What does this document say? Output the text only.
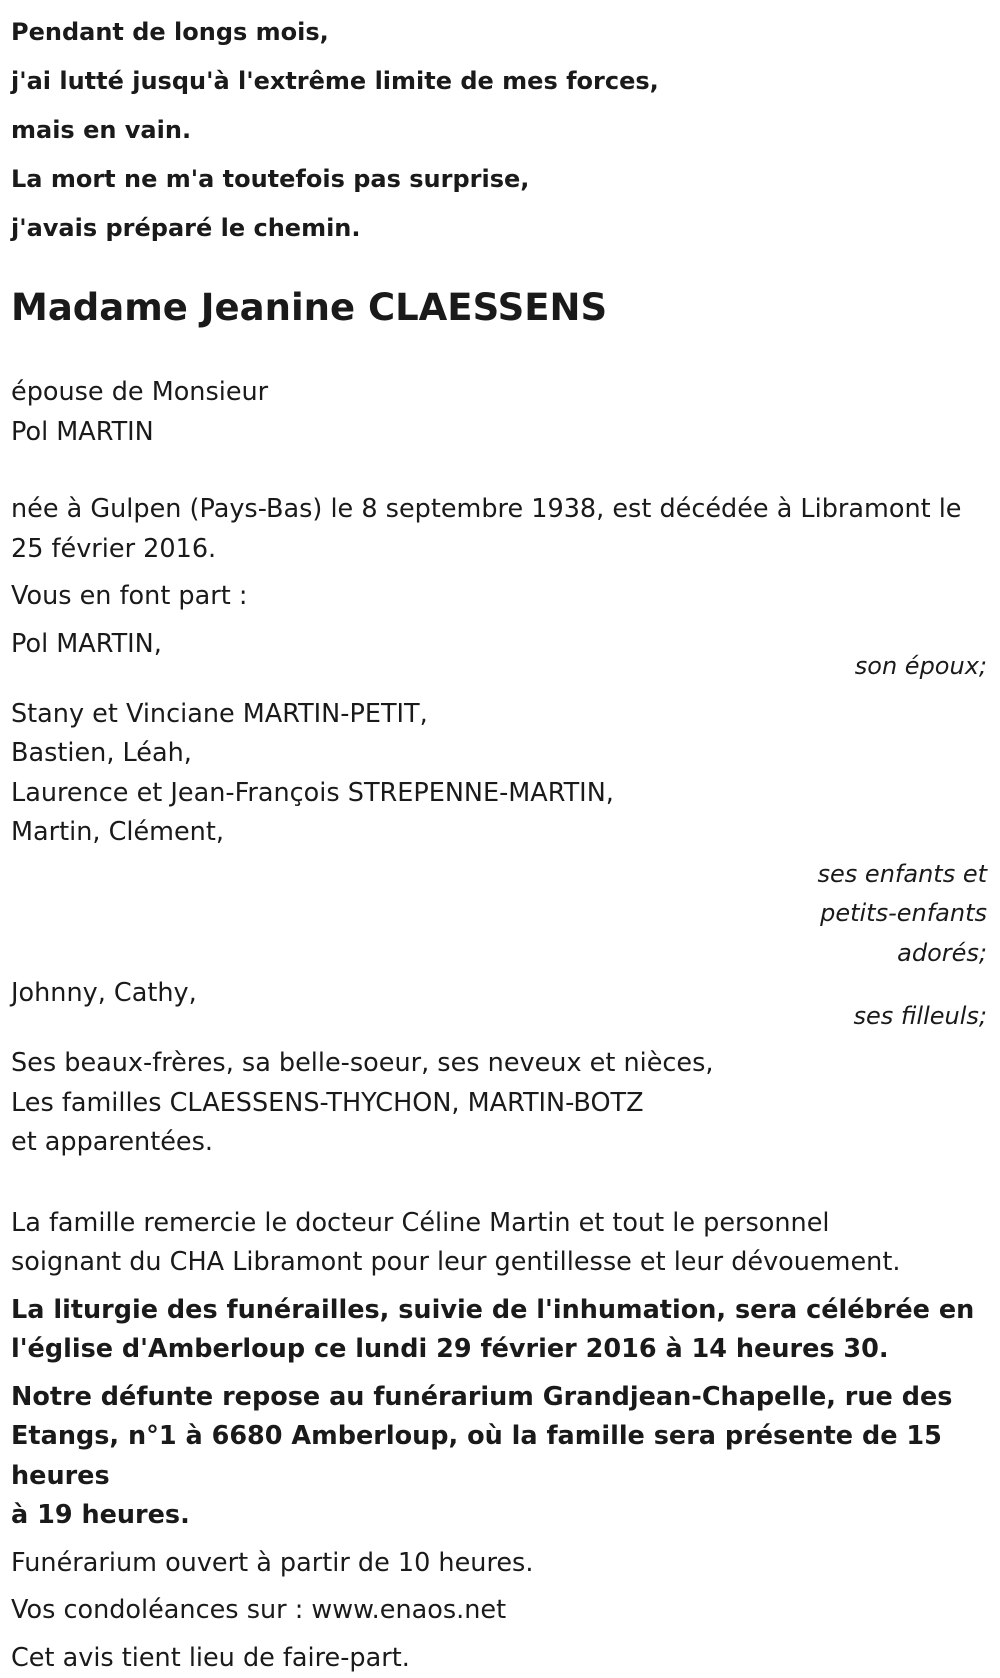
Pendant de longs mois,
j'ai lutté jusqu'à l'extrême limite de mes forces,
mais en vain.
La mort ne m'a toutefois pas surprise,
j'avais préparé le chemin.
Madame Jeanine CLAESSENS
épouse de Monsieur
Pol MARTIN
née à Gulpen (Pays-Bas) le 8 septembre 1938, est décédée à Libramont le
25 février 2016.
Vous en font part :
Pol MARTIN,
son époux;
Stany et Vinciane MARTIN-PETIT,
Bastien, Léah,
Laurence et Jean-François STREPENNE-MARTIN,
Martin, Clément,
ses enfants et
petits-enfants
adorés;
Johnny, Cathy,
ses filleuls;
Ses beaux-frères, sa belle-soeur, ses neveux et nièces,
Les familles CLAESSENS-THYCHON, MARTIN-BOTZ
et apparentées.
La famille remercie le docteur Céline Martin et tout le personnel
soignant du CHA Libramont pour leur gentillesse et leur dévouement.
La liturgie des funérailles, suivie de l'inhumation, sera célébrée en
l'église d'Amberloup ce lundi 29 février 2016 à 14 heures 30.
Notre défunte repose au funérarium Grandjean-Chapelle, rue des
Etangs, n°1 à 6680 Amberloup, où la famille sera présente de 15 heures
à 19 heures.
Funérarium ouvert à partir de 10 heures.
Vos condoléances sur : www.enaos.net
Cet avis tient lieu de faire-part.
